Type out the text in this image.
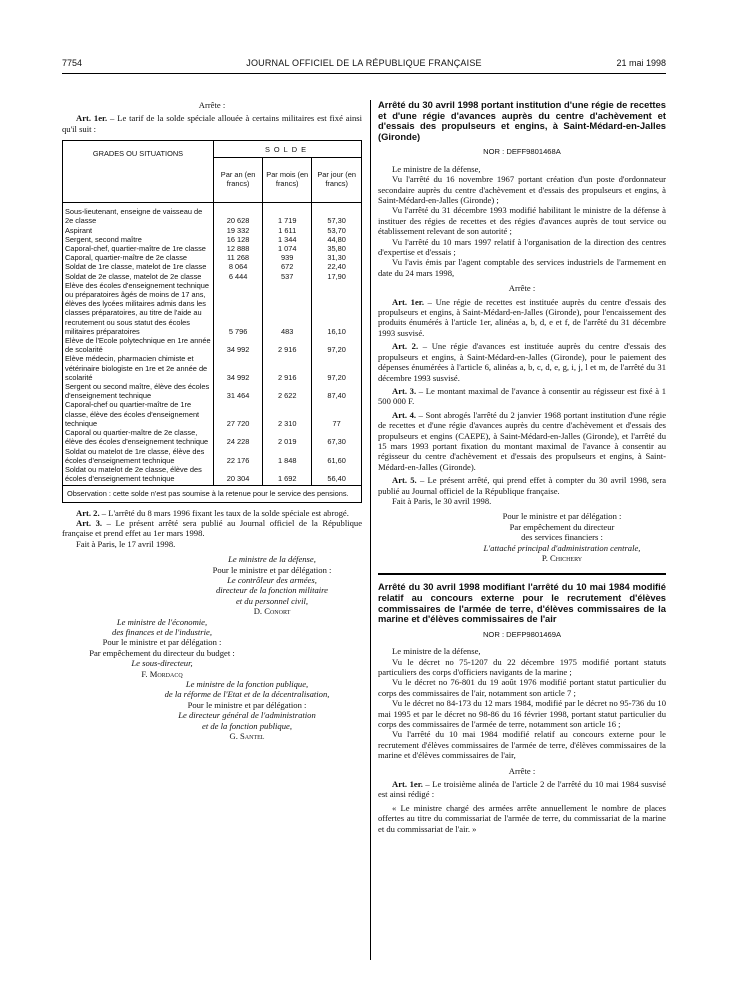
7754	JOURNAL OFFICIEL DE LA RÉPUBLIQUE FRANÇAISE	21 mai 1998

Arrête :

Art. 1er. – Le tarif de la solde spéciale allouée à certains militaires est fixé ainsi qu'il suit :

GRADES OU SITUATIONS	SOLDE		
	Par an (en francs)	Par mois (en francs)	Par jour (en francs)

Sous-lieutenant, enseigne de vaisseau de 2e classe	20 628	1 719	57,30
Aspirant	19 332	1 611	53,70
Sergent, second maître	16 128	1 344	44,80
Caporal-chef, quartier-maître de 1re classe	12 888	1 074	35,80
Caporal, quartier-maître de 2e classe	11 268	939	31,30
Soldat de 1re classe, matelot de 1re classe	8 064	672	22,40
Soldat de 2e classe, matelot de 2e classe	6 444	537	17,90
Elève des écoles d'enseignement technique ou préparatoires âgés de moins de 17 ans, élèves des lycées militaires admis dans les classes préparatoires, au titre de l'aide au recrutement ou sous statut des écoles militaires préparatoires	5 796	483	16,10
Elève de l'Ecole polytechnique en 1re année de scolarité	34 992	2 916	97,20
Elève médecin, pharmacien chimiste et vétérinaire biologiste en 1re et 2e année de scolarité	34 992	2 916	97,20
Sergent ou second maître, élève des écoles d'enseignement technique	31 464	2 622	87,40
Caporal-chef ou quartier-maître de 1re classe, élève des écoles d'enseignement technique	27 720	2 310	77
Caporal ou quartier-maître de 2e classe, élève des écoles d'enseignement technique	24 228	2 019	67,30
Soldat ou matelot de 1re classe, élève des écoles d'enseignement technique	22 176	1 848	61,60
Soldat ou matelot de 2e classe, élève des écoles d'enseignement technique	20 304	1 692	56,40
Observation : cette solde n'est pas soumise à la retenue pour le service des pensions.

Art. 2. – L'arrêté du 8 mars 1996 fixant les taux de la solde spéciale est abrogé.

Art. 3. – Le présent arrêté sera publié au Journal officiel de la République française et prend effet au 1er mars 1998.

Fait à Paris, le 17 avril 1998.

Le ministre de la défense,

Pour le ministre et par délégation :

Le contrôleur des armées,

directeur de la fonction militaire

et du personnel civil,

D. Conort

Le ministre de l'économie,

des finances et de l'industrie,

Pour le ministre et par délégation :

Par empêchement du directeur du budget :

Le sous-directeur,

F. Mordacq

Le ministre de la fonction publique,

de la réforme de l'Etat et de la décentralisation,

Pour le ministre et par délégation :

Le directeur général de l'administration

et de la fonction publique,

G. Santel

Arrêté du 30 avril 1998 portant institution d'une régie de recettes et d'une régie d'avances auprès du centre d'achèvement et d'essais des propulseurs et engins, à Saint-Médard-en-Jalles (Gironde)

NOR : DEFF9801468A

Le ministre de la défense,

Vu l'arrêté du 16 novembre 1967 portant création d'un poste d'ordonnateur secondaire auprès du centre d'achèvement et d'essais des propulseurs et engins, à Saint-Médard-en-Jalles (Gironde) ;

Vu l'arrêté du 31 décembre 1993 modifié habilitant le ministre de la défense à instituer des régies de recettes et des régies d'avances auprès de tout service ou établissement relevant de son autorité ;

Vu l'arrêté du 10 mars 1997 relatif à l'organisation de la direction des centres d'expertise et d'essais ;

Vu l'avis émis par l'agent comptable des services industriels de l'armement en date du 24 mars 1998,

Arrête :

Art. 1er. – Une régie de recettes est instituée auprès du centre d'essais des propulseurs et engins, à Saint-Médard-en-Jalles (Gironde), pour l'encaissement des produits énumérés à l'article 1er, alinéas a, b, d, e et f, de l'arrêté du 31 décembre 1993 susvisé.

Art. 2. – Une régie d'avances est instituée auprès du centre d'essais des propulseurs et engins, à Saint-Médard-en-Jalles (Gironde), pour le paiement des dépenses énumérées à l'article 6, alinéas a, b, c, d, e, g, i, j, l et m, de l'arrêté du 31 décembre 1993 susvisé.

Art. 3. – Le montant maximal de l'avance à consentir au régisseur est fixé à 1 500 000 F.

Art. 4. – Sont abrogés l'arrêté du 2 janvier 1968 portant institution d'une régie de recettes et d'une régie d'avances auprès du centre d'achèvement et d'essais des propulseurs et engins (CAEPE), à Saint-Médard-en-Jalles (Gironde), et l'arrêté du 15 mars 1993 portant fixation du montant maximal de l'avance à consentir au régisseur du centre d'achèvement et d'essais des propulseurs et engins, à Saint-Médard-en-Jalles (Gironde).

Art. 5. – Le présent arrêté, qui prend effet à compter du 30 avril 1998, sera publié au Journal officiel de la République française.

Fait à Paris, le 30 avril 1998.

Pour le ministre et par délégation :

Par empêchement du directeur

des services financiers :

L'attaché principal d'administration centrale,

P. Chichery

Arrêté du 30 avril 1998 modifiant l'arrêté du 10 mai 1984 modifié relatif au concours externe pour le recrutement d'élèves commissaires de l'armée de terre, d'élèves commissaires de la marine et d'élèves commissaires de l'air

NOR : DEFP9801469A

Le ministre de la défense,

Vu le décret no 75-1207 du 22 décembre 1975 modifié portant statuts particuliers des corps d'officiers navigants de la marine ;

Vu le décret no 76-801 du 19 août 1976 modifié portant statut particulier du corps des commissaires de l'air, notamment son article 7 ;

Vu le décret no 84-173 du 12 mars 1984, modifié par le décret no 95-736 du 10 mai 1995 et par le décret no 98-86 du 16 février 1998, portant statut particulier du corps des commissaires de l'armée de terre, notamment son article 16 ;

Vu l'arrêté du 10 mai 1984 modifié relatif au concours externe pour le recrutement d'élèves commissaires de l'armée de terre, d'élèves commissaires de la marine et d'élèves commissaires de l'air,

Arrête :

Art. 1er. – Le troisième alinéa de l'article 2 de l'arrêté du 10 mai 1984 susvisé est ainsi rédigé :

« Le ministre chargé des armées arrête annuellement le nombre de places offertes au titre du commissariat de l'armée de terre, du commissariat de la marine et du commissariat de l'air. »
